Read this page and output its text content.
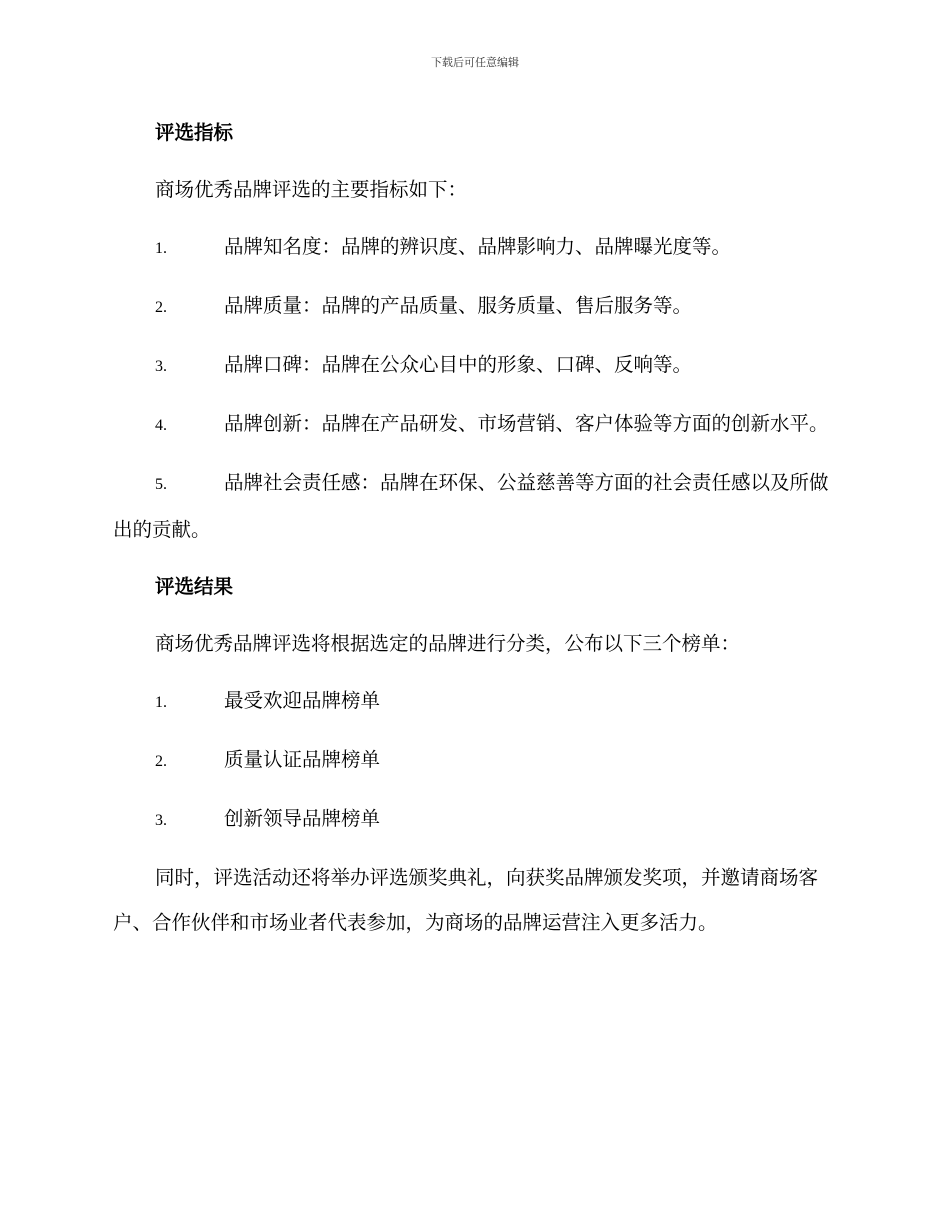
下载后可任意编辑
评选指标
商场优秀品牌评选的主要指标如下：
1.	品牌知名度：品牌的辨识度、品牌影响力、品牌曝光度等。
2.	品牌质量：品牌的产品质量、服务质量、售后服务等。
3.	品牌口碑：品牌在公众心目中的形象、口碑、反响等。
4.	品牌创新：品牌在产品研发、市场营销、客户体验等方面的创新水平。
5.	品牌社会责任感：品牌在环保、公益慈善等方面的社会责任感以及所做出的贡献。
评选结果
商场优秀品牌评选将根据选定的品牌进行分类，公布以下三个榜单：
1.	最受欢迎品牌榜单
2.	质量认证品牌榜单
3.	创新领导品牌榜单
同时，评选活动还将举办评选颁奖典礼，向获奖品牌颁发奖项，并邀请商场客户、合作伙伴和市场业者代表参加，为商场的品牌运营注入更多活力。
